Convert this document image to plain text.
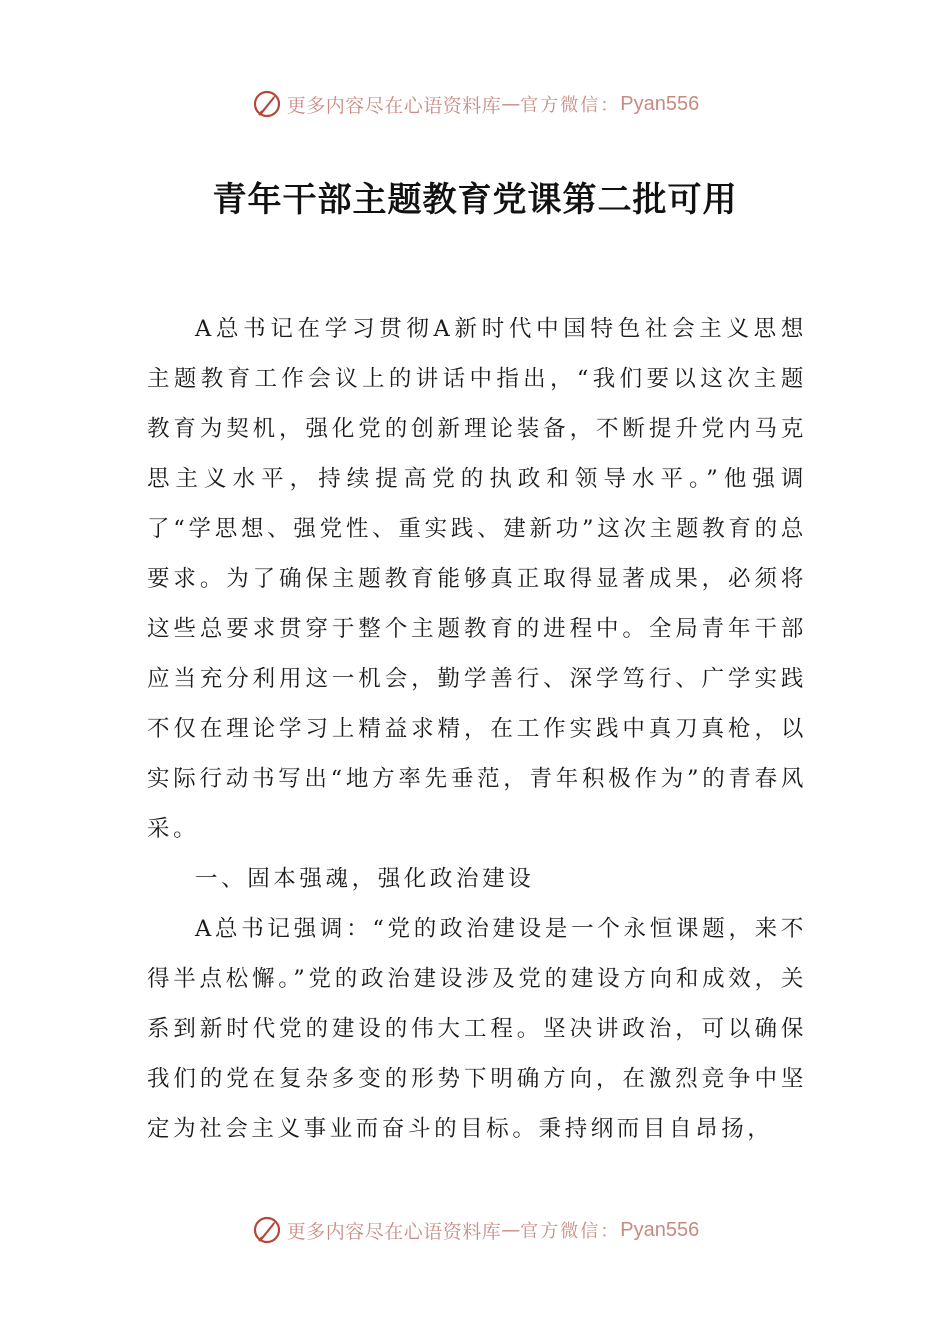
更多内容尽在心语资料库 — 官方微信： Pyan556
青年干部主题教育党课第二批可用

A总书记在学习贯彻A新时代中国特色社会主义思想主题教育工作会议上的讲话中指出，“我们要以这次主题教育为契机，强化党的创新理论装备，不断提升党内马克思主义水平，持续提高党的执政和领导水平。”他强调了“学思想、强党性、重实践、建新功”这次主题教育的总要求。为了确保主题教育能够真正取得显著成果，必须将这些总要求贯穿于整个主题教育的进程中。全局青年干部应当充分利用这一机会，勤学善行、深学笃行、广学实践不仅在理论学习上精益求精，在工作实践中真刀真枪，以实际行动书写出“地方率先垂范，青年积极作为”的青春风采。

一、固本强魂，强化政治建设

A总书记强调：“党的政治建设是一个永恒课题，来不得半点松懈。”党的政治建设涉及党的建设方向和成效，关系到新时代党的建设的伟大工程。坚决讲政治，可以确保我们的党在复杂多变的形势下明确方向，在激烈竞争中坚定为社会主义事业而奋斗的目标。秉持纲而目自昂扬，

更多内容尽在心语资料库 — 官方微信： Pyan556
